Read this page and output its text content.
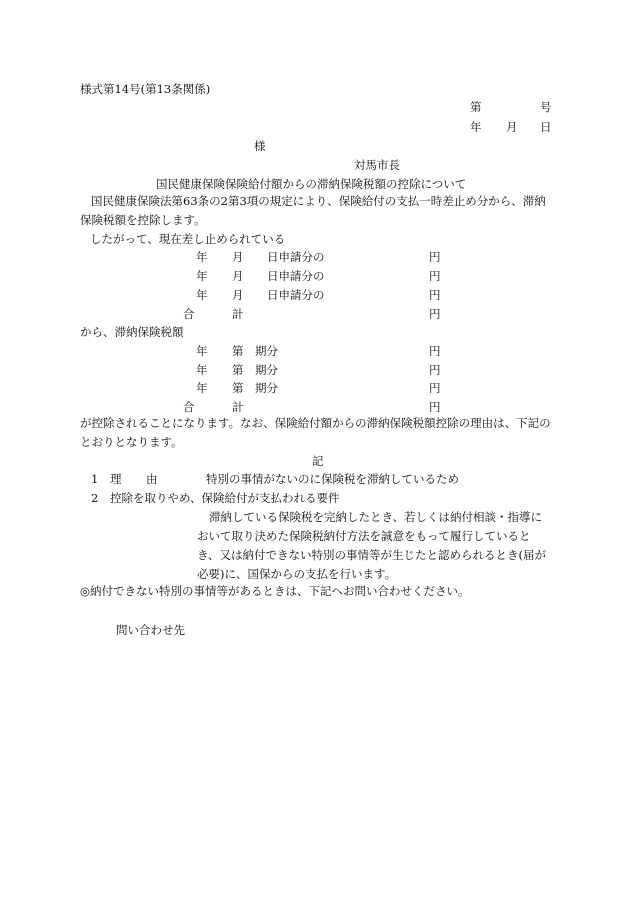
様式第14号(第13条関係)
第	号
年 月 日
様
対馬市長
国民健康保険保険給付額からの滞納保険税額の控除について
国民健康保険法第63条の2第3項の規定により、保険給付の支払一時差止め分から、滞納保険税額を控除します。
したがって、現在差し止められている
年 月 日申請分の	円
年 月 日申請分の	円
年 月 日申請分の	円
合	計	円
から、滞納保険税額
年 第 期分	円
年 第 期分	円
年 第 期分	円
合	計	円
が控除されることになります。なお、保険給付額からの滞納保険税額控除の理由は、下記のとおりとなります。
記
1 理 由	特別の事情がないのに保険税を滞納しているため
2 控除を取りやめ、保険給付が支払われる要件
滞納している保険税を完納したとき、若しくは納付相談・指導において取り決めた保険税納付方法を誠意をもって履行しているとき、又は納付できない特別の事情等が生じたと認められるとき(届が必要)に、国保からの支払を行います。
◎納付できない特別の事情等があるときは、下記へお問い合わせください。
問い合わせ先
